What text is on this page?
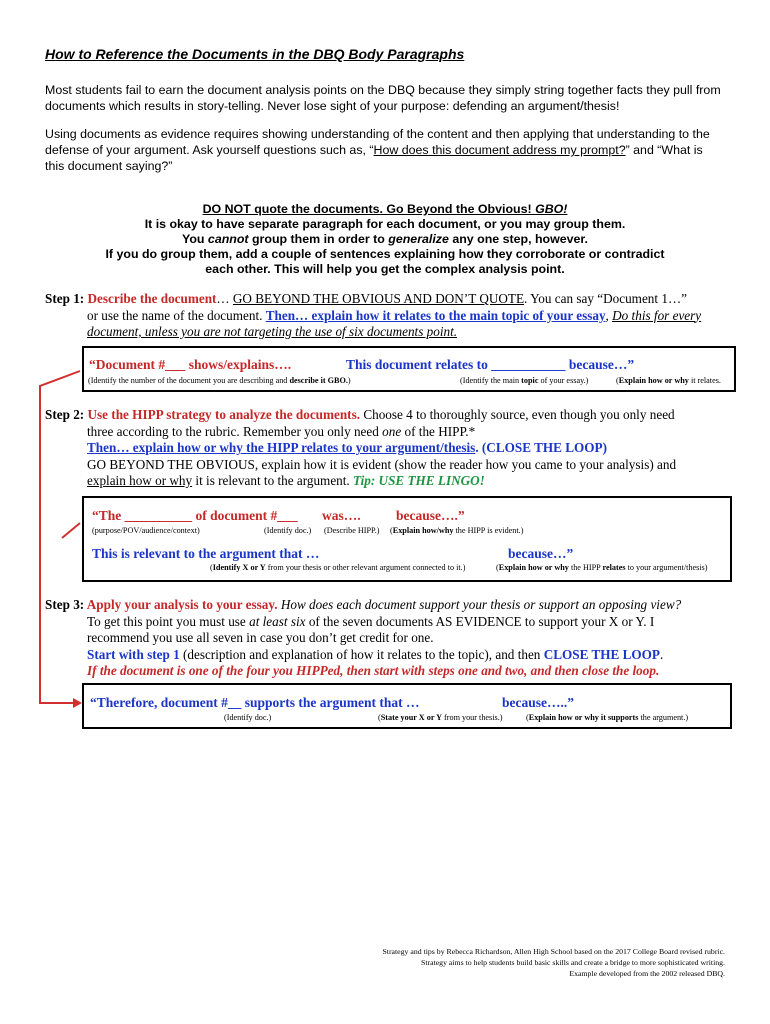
How to Reference the Documents in the DBQ Body Paragraphs
Most students fail to earn the document analysis points on the DBQ because they simply string together facts they pull from documents which results in story-telling. Never lose sight of your purpose: defending an argument/thesis!
Using documents as evidence requires showing understanding of the content and then applying that understanding to the defense of your argument. Ask yourself questions such as, “How does this document address my prompt?” and “What is this document saying?”
DO NOT quote the documents. Go Beyond the Obvious! GBO!
It is okay to have separate paragraph for each document, or you may group them.
You cannot group them in order to generalize any one step, however.
If you do group them, add a couple of sentences explaining how they corroborate or contradict
each other. This will help you get the complex analysis point.
Step 1: Describe the document… GO BEYOND THE OBVIOUS AND DON’T QUOTE. You can say “Document 1…”
or use the name of the document. Then… explain how it relates to the main topic of your essay, Do this for every document, unless you are not targeting the use of six documents point.
“Document #___ shows/explains….	This document relates to ___________ because…”
(Identify the number of the document you are describing and describe it GBO.)	(Identify the main topic of your essay.)	(Explain how or why it relates.
Step 2: Use the HIPP strategy to analyze the documents. Choose 4 to thoroughly source, even though you only need
three according to the rubric. Remember you only need one of the HIPP.*
Then… explain how or why the HIPP relates to your argument/thesis. (CLOSE THE LOOP)
GO BEYOND THE OBVIOUS, explain how it is evident (show the reader how you came to your analysis) and
explain how or why it is relevant to the argument. Tip: USE THE LINGO!
“The __________ of document #___ was….	because….”
(purpose/POV/audience/context)	(Identify doc.) (Describe HIPP.) (Explain how/why the HIPP is evident.)
This is relevant to the argument that …	because…”
(Identify X or Y from your thesis or other relevant argument connected to it.)	(Explain how or why the HIPP relates to your argument/thesis)
Step 3: Apply your analysis to your essay. How does each document support your thesis or support an opposing view?
To get this point you must use at least six of the seven documents AS EVIDENCE to support your X or Y. I
recommend you use all seven in case you don’t get credit for one.
Start with step 1 (description and explanation of how it relates to the topic), and then CLOSE THE LOOP.
If the document is one of the four you HIPPed, then start with steps one and two, and then close the loop.
“Therefore, document #__ supports the argument that …	because…..”
(Identify doc.)	(State your X or Y from your thesis.)	(Explain how or why it supports the argument.)
Strategy and tips by Rebecca Richardson, Allen High School based on the 2017 College Board revised rubric.
Strategy aims to help students build basic skills and create a bridge to more sophisticated writing.
Example developed from the 2002 released DBQ.
